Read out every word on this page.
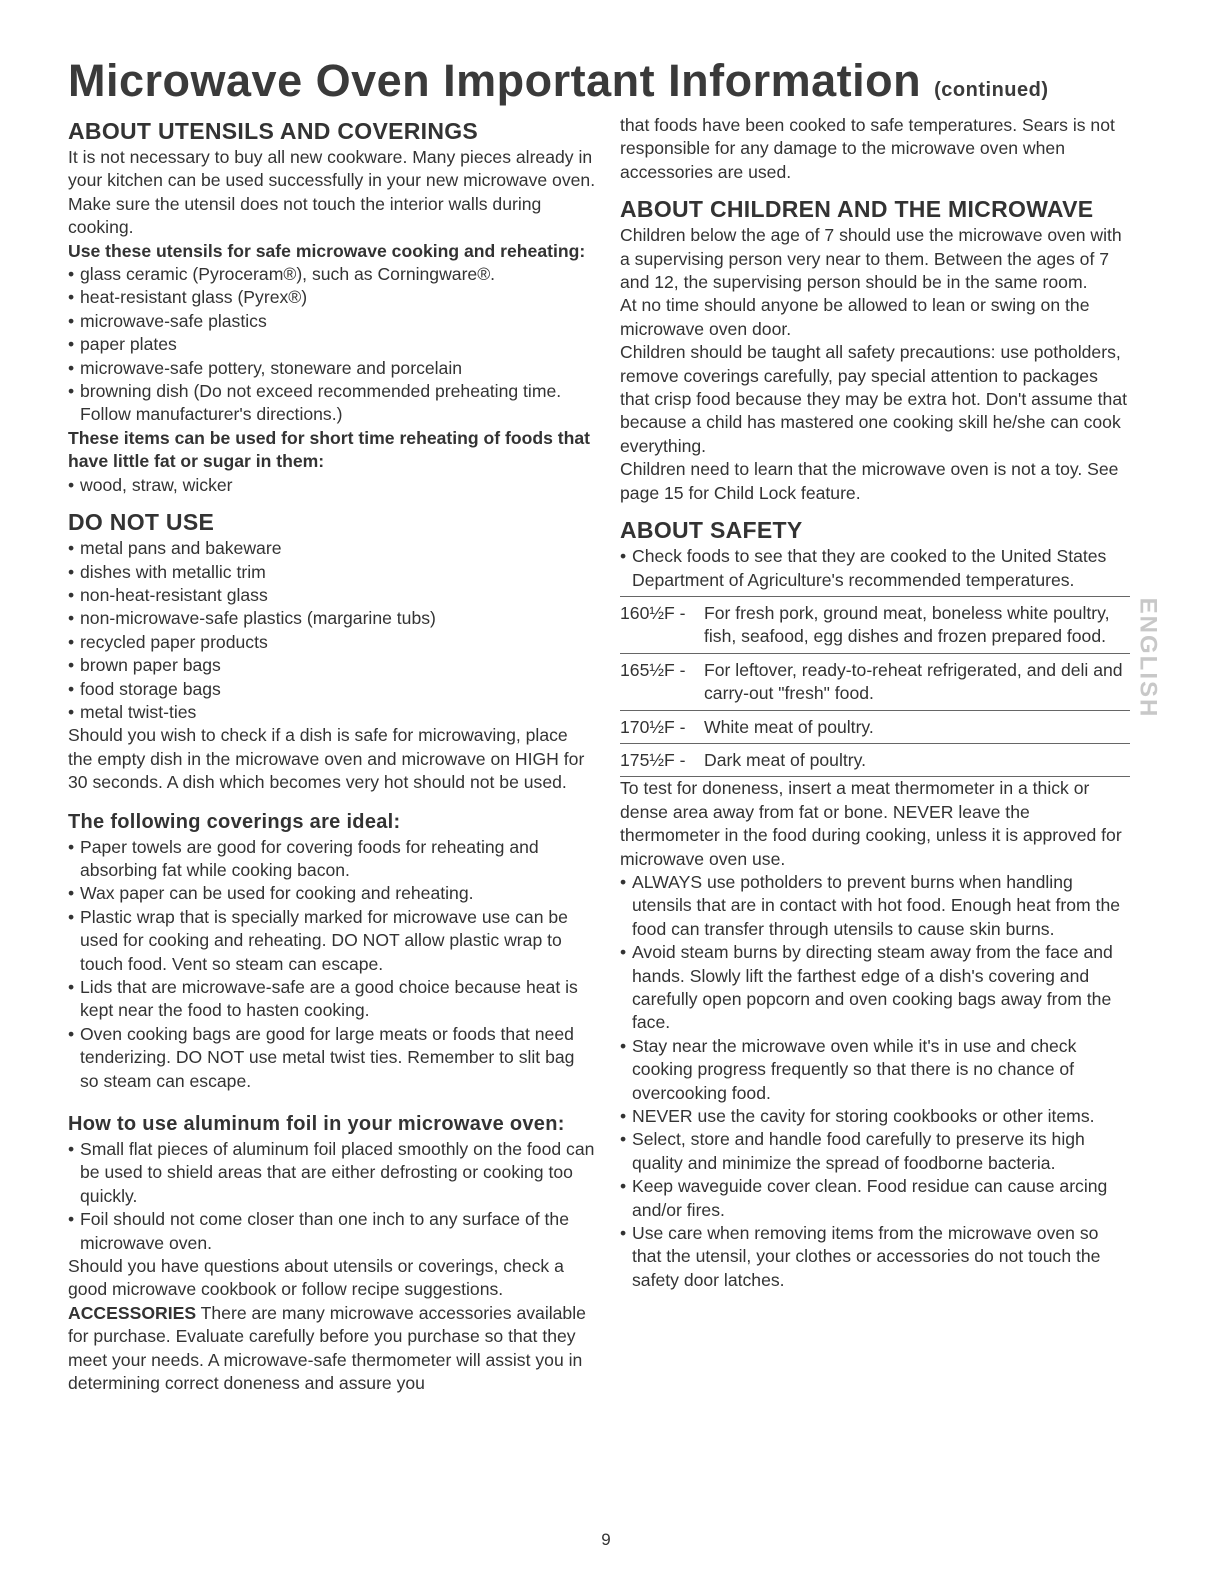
Microwave Oven Important Information (continued)
ABOUT UTENSILS AND COVERINGS

It is not necessary to buy all new cookware. Many pieces already in your kitchen can be used successfully in your new microwave oven. Make sure the utensil does not touch the interior walls during cooking.

Use these utensils for safe microwave cooking and reheating:

• glass ceramic (Pyroceram®), such as Corningware®.
• heat-resistant glass (Pyrex®)
• microwave-safe plastics
• paper plates
• microwave-safe pottery, stoneware and porcelain
• browning dish (Do not exceed recommended preheating time. Follow manufacturer's directions.)

These items can be used for short time reheating of foods that have little fat or sugar in them:

• wood, straw, wicker
DO NOT USE
• metal pans and bakeware
• dishes with metallic trim
• non-heat-resistant glass
• non-microwave-safe plastics (margarine tubs)
• recycled paper products
• brown paper bags
• food storage bags
• metal twist-ties

Should you wish to check if a dish is safe for microwaving, place the empty dish in the microwave oven and microwave on HIGH for 30 seconds. A dish which becomes very hot should not be used.

The following coverings are ideal:
• Paper towels are good for covering foods for reheating and absorbing fat while cooking bacon.
• Wax paper can be used for cooking and reheating.
• Plastic wrap that is specially marked for microwave use can be used for cooking and reheating. DO NOT allow plastic wrap to touch food. Vent so steam can escape.
• Lids that are microwave-safe are a good choice because heat is kept near the food to hasten cooking.
• Oven cooking bags are good for large meats or foods that need tenderizing. DO NOT use metal twist ties. Remember to slit bag so steam can escape.
How to use aluminum foil in your microwave oven:
• Small flat pieces of aluminum foil placed smoothly on the food can be used to shield areas that are either defrosting or cooking too quickly.
• Foil should not come closer than one inch to any surface of the microwave oven.

Should you have questions about utensils or coverings, check a good microwave cookbook or follow recipe suggestions.

ACCESSORIES There are many microwave accessories available for purchase. Evaluate carefully before you purchase so that they meet your needs. A microwave-safe thermometer will assist you in determining correct doneness and assure you

that foods have been cooked to safe temperatures. Sears is not responsible for any damage to the microwave oven when accessories are used.

ABOUT CHILDREN AND THE MICROWAVE

Children below the age of 7 should use the microwave oven with a supervising person very near to them. Between the ages of 7 and 12, the supervising person should be in the same room.

At no time should anyone be allowed to lean or swing on the microwave oven door.

Children should be taught all safety precautions: use potholders, remove coverings carefully, pay special attention to packages that crisp food because they may be extra hot. Don't assume that because a child has mastered one cooking skill he/she can cook everything.

Children need to learn that the microwave oven is not a toy. See page 15 for Child Lock feature.

ABOUT SAFETY
• Check foods to see that they are cooked to the United States Department of Agriculture's recommended temperatures.
160½F -	For fresh pork, ground meat, boneless white poultry, fish, seafood, egg dishes and frozen prepared food.
165½F -	For leftover, ready-to-reheat refrigerated, and deli and carry-out "fresh" food.
170½F -	White meat of poultry.
175½F -	Dark meat of poultry.

To test for doneness, insert a meat thermometer in a thick or dense area away from fat or bone. NEVER leave the thermometer in the food during cooking, unless it is approved for microwave oven use.

• ALWAYS use potholders to prevent burns when handling utensils that are in contact with hot food. Enough heat from the food can transfer through utensils to cause skin burns.
• Avoid steam burns by directing steam away from the face and hands. Slowly lift the farthest edge of a dish's covering and carefully open popcorn and oven cooking bags away from the face.
• Stay near the microwave oven while it's in use and check cooking progress frequently so that there is no chance of overcooking food.
• NEVER use the cavity for storing cookbooks or other items.
• Select, store and handle food carefully to preserve its high quality and minimize the spread of foodborne bacteria.
• Keep waveguide cover clean. Food residue can cause arcing and/or fires.
• Use care when removing items from the microwave oven so that the utensil, your clothes or accessories do not touch the safety door latches.
ENGLISH
9
